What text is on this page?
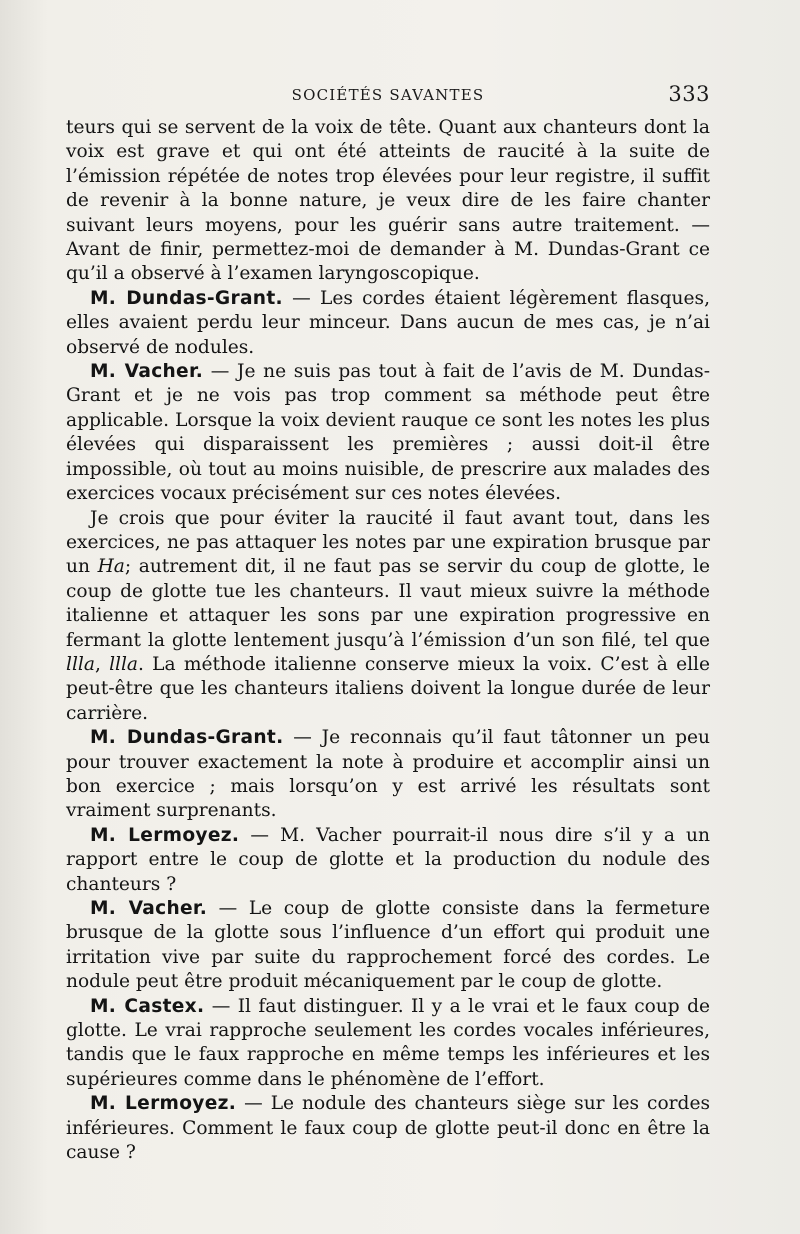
SOCIÉTÉS SAVANTES	333

teurs qui se servent de la voix de tête. Quant aux chanteurs dont la voix est grave et qui ont été atteints de raucité à la suite de l’émission répétée de notes trop élevées pour leur registre, il suffit de revenir à la bonne nature, je veux dire de les faire chanter suivant leurs moyens, pour les guérir sans autre traitement. — Avant de finir, permettez-moi de demander à M. Dundas-Grant ce qu’il a observé à l’examen laryngoscopique.

M. Dundas-Grant. — Les cordes étaient légèrement flasques, elles avaient perdu leur minceur. Dans aucun de mes cas, je n’ai observé de nodules.

M. Vacher. — Je ne suis pas tout à fait de l’avis de M. Dundas-Grant et je ne vois pas trop comment sa méthode peut être applicable. Lorsque la voix devient rauque ce sont les notes les plus élevées qui disparaissent les premières ; aussi doit-il être impossible, où tout au moins nuisible, de prescrire aux malades des exercices vocaux précisément sur ces notes élevées.

Je crois que pour éviter la raucité il faut avant tout, dans les exercices, ne pas attaquer les notes par une expiration brusque par un Ha; autrement dit, il ne faut pas se servir du coup de glotte, le coup de glotte tue les chanteurs. Il vaut mieux suivre la méthode italienne et attaquer les sons par une expiration progressive en fermant la glotte lentement jusqu’à l’émission d’un son filé, tel que llla, llla. La méthode italienne conserve mieux la voix. C’est à elle peut-être que les chanteurs italiens doivent la longue durée de leur carrière.

M. Dundas-Grant. — Je reconnais qu’il faut tâtonner un peu pour trouver exactement la note à produire et accomplir ainsi un bon exercice ; mais lorsqu’on y est arrivé les résultats sont vraiment surprenants.

M. Lermoyez. — M. Vacher pourrait-il nous dire s’il y a un rapport entre le coup de glotte et la production du nodule des chanteurs ?

M. Vacher. — Le coup de glotte consiste dans la fermeture brusque de la glotte sous l’influence d’un effort qui produit une irritation vive par suite du rapprochement forcé des cordes. Le nodule peut être produit mécaniquement par le coup de glotte.

M. Castex. — Il faut distinguer. Il y a le vrai et le faux coup de glotte. Le vrai rapproche seulement les cordes vocales inférieures, tandis que le faux rapproche en même temps les inférieures et les supérieures comme dans le phénomène de l’effort.

M. Lermoyez. — Le nodule des chanteurs siège sur les cordes inférieures. Comment le faux coup de glotte peut-il donc en être la cause ?
